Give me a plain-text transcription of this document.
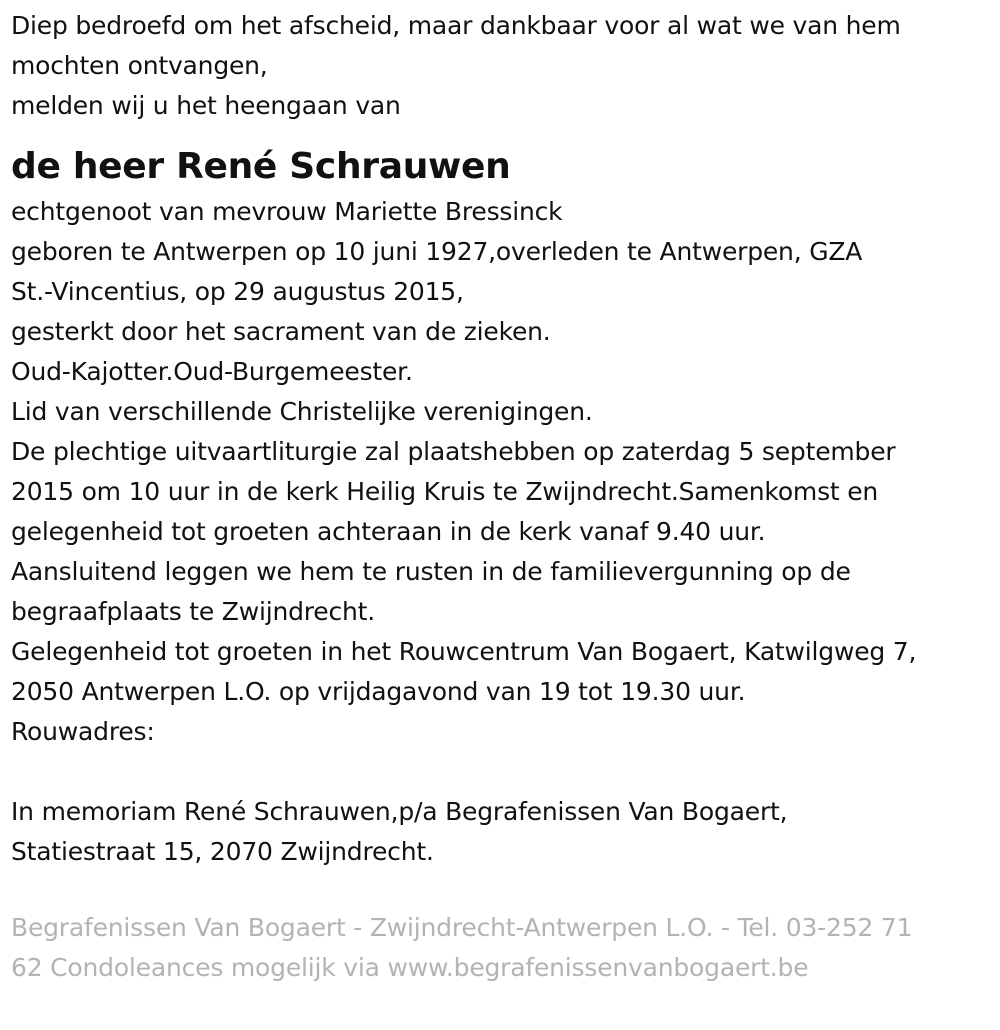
Diep bedroefd om het afscheid, maar dankbaar voor al wat we van hem
mochten ontvangen,
melden wij u het heengaan van
de heer René Schrauwen
echtgenoot van mevrouw Mariette Bressinck
geboren te Antwerpen op 10 juni 1927,overleden te Antwerpen, GZA
St.-Vincentius, op 29 augustus 2015,
gesterkt door het sacrament van de zieken.
Oud-Kajotter.Oud-Burgemeester.
Lid van verschillende Christelijke verenigingen.
De plechtige uitvaartliturgie zal plaatshebben op zaterdag 5 september
2015 om 10 uur in de kerk Heilig Kruis te Zwijndrecht.Samenkomst en
gelegenheid tot groeten achteraan in de kerk vanaf 9.40 uur.
Aansluitend leggen we hem te rusten in de familievergunning op de
begraafplaats te Zwijndrecht.
Gelegenheid tot groeten in het Rouwcentrum Van Bogaert, Katwilgweg 7,
2050 Antwerpen L.O. op vrijdagavond van 19 tot 19.30 uur.
Rouwadres:
In memoriam René Schrauwen,p/a Begrafenissen Van Bogaert,
Statiestraat 15, 2070 Zwijndrecht.
Begrafenissen Van Bogaert - Zwijndrecht-Antwerpen L.O. - Tel. 03-252 71
62 Condoleances mogelijk via www.begrafenissenvanbogaert.be
